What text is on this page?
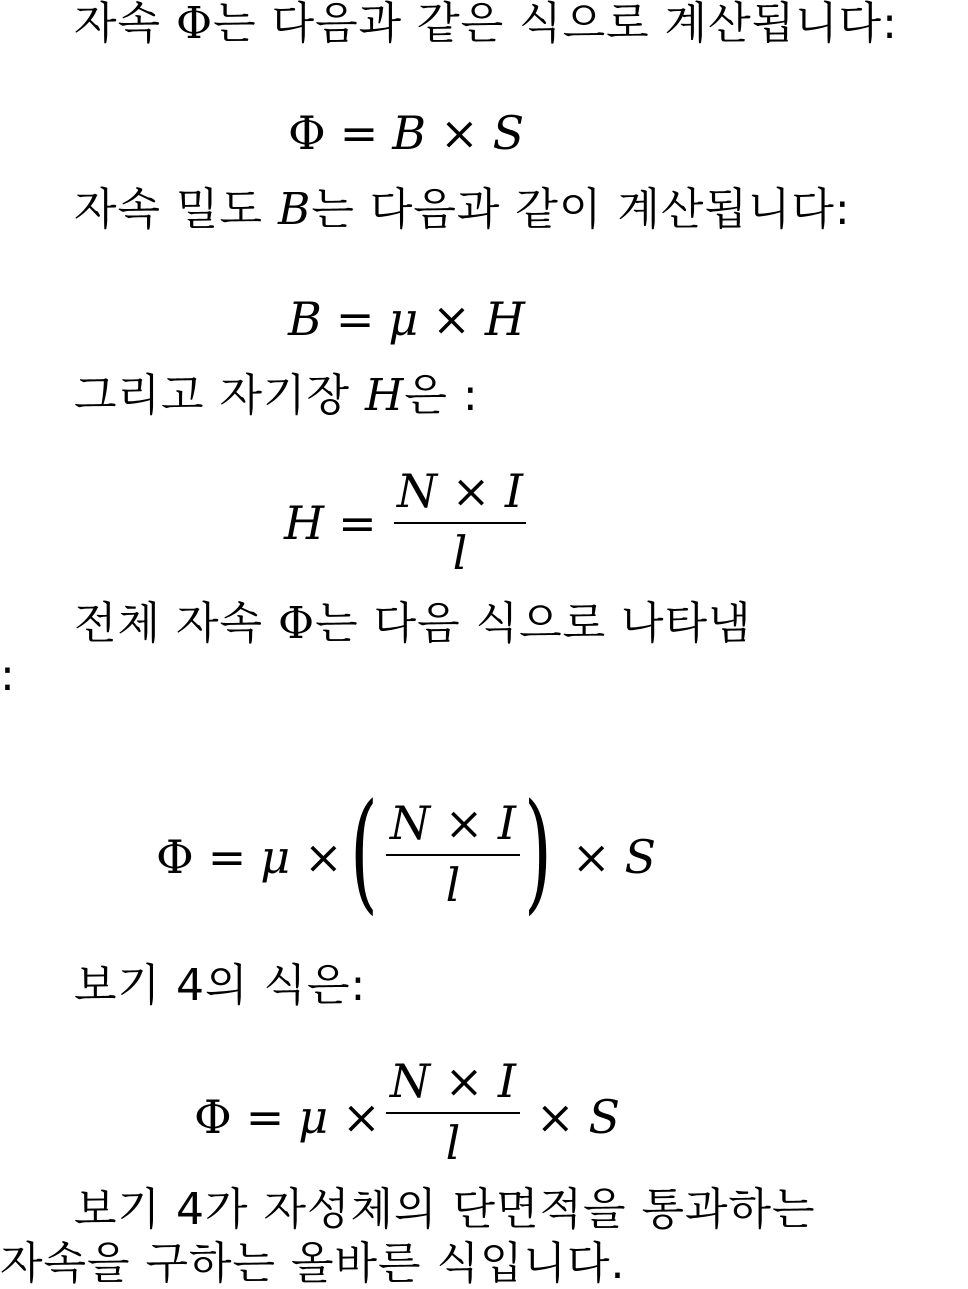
자속 Φ는 다음과 같은 식으로 계산됩니다:
Φ = B × S
자속 밀도 B는 다음과 같이 계산됩니다:
B = μ × H
그리고 자기장 H은 :
$H = \frac{N \times I}{l}$
전체 자속 Φ는 다음 식으로 나타냄
:
Φ = μ × ( $\frac{N \times I}{l}$ ) × S
보기 4의 식은:
$\Phi = \mu \times \frac{N \times I}{l} \times S$
보기 4가 자성체의 단면적을 통과하는
자속을 구하는 올바른 식입니다.
